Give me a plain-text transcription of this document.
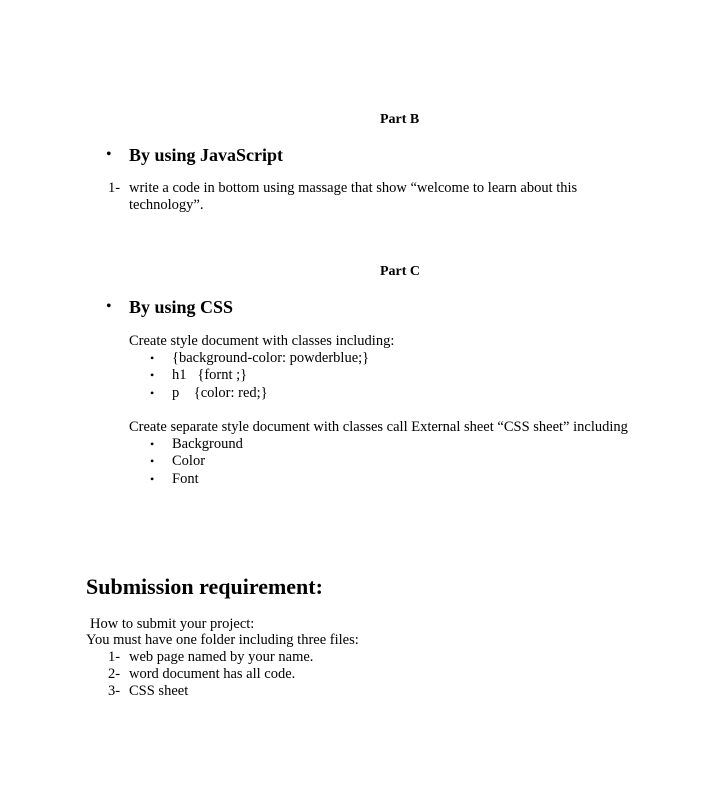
Part B
• By using JavaScript
1- write a code in bottom using massage that show “welcome to learn about this
technology”.
Part C
• By using CSS
Create style document with classes including:
• {background-color: powderblue;}
• h1   {fornt ;}
• p    {color: red;}
Create separate style document with classes call External sheet “CSS sheet” including
• Background
• Color
• Font
Submission requirement:
How to submit your project:
You must have one folder including three files:
1- web page named by your name.
2- word document has all code.
3- CSS sheet
